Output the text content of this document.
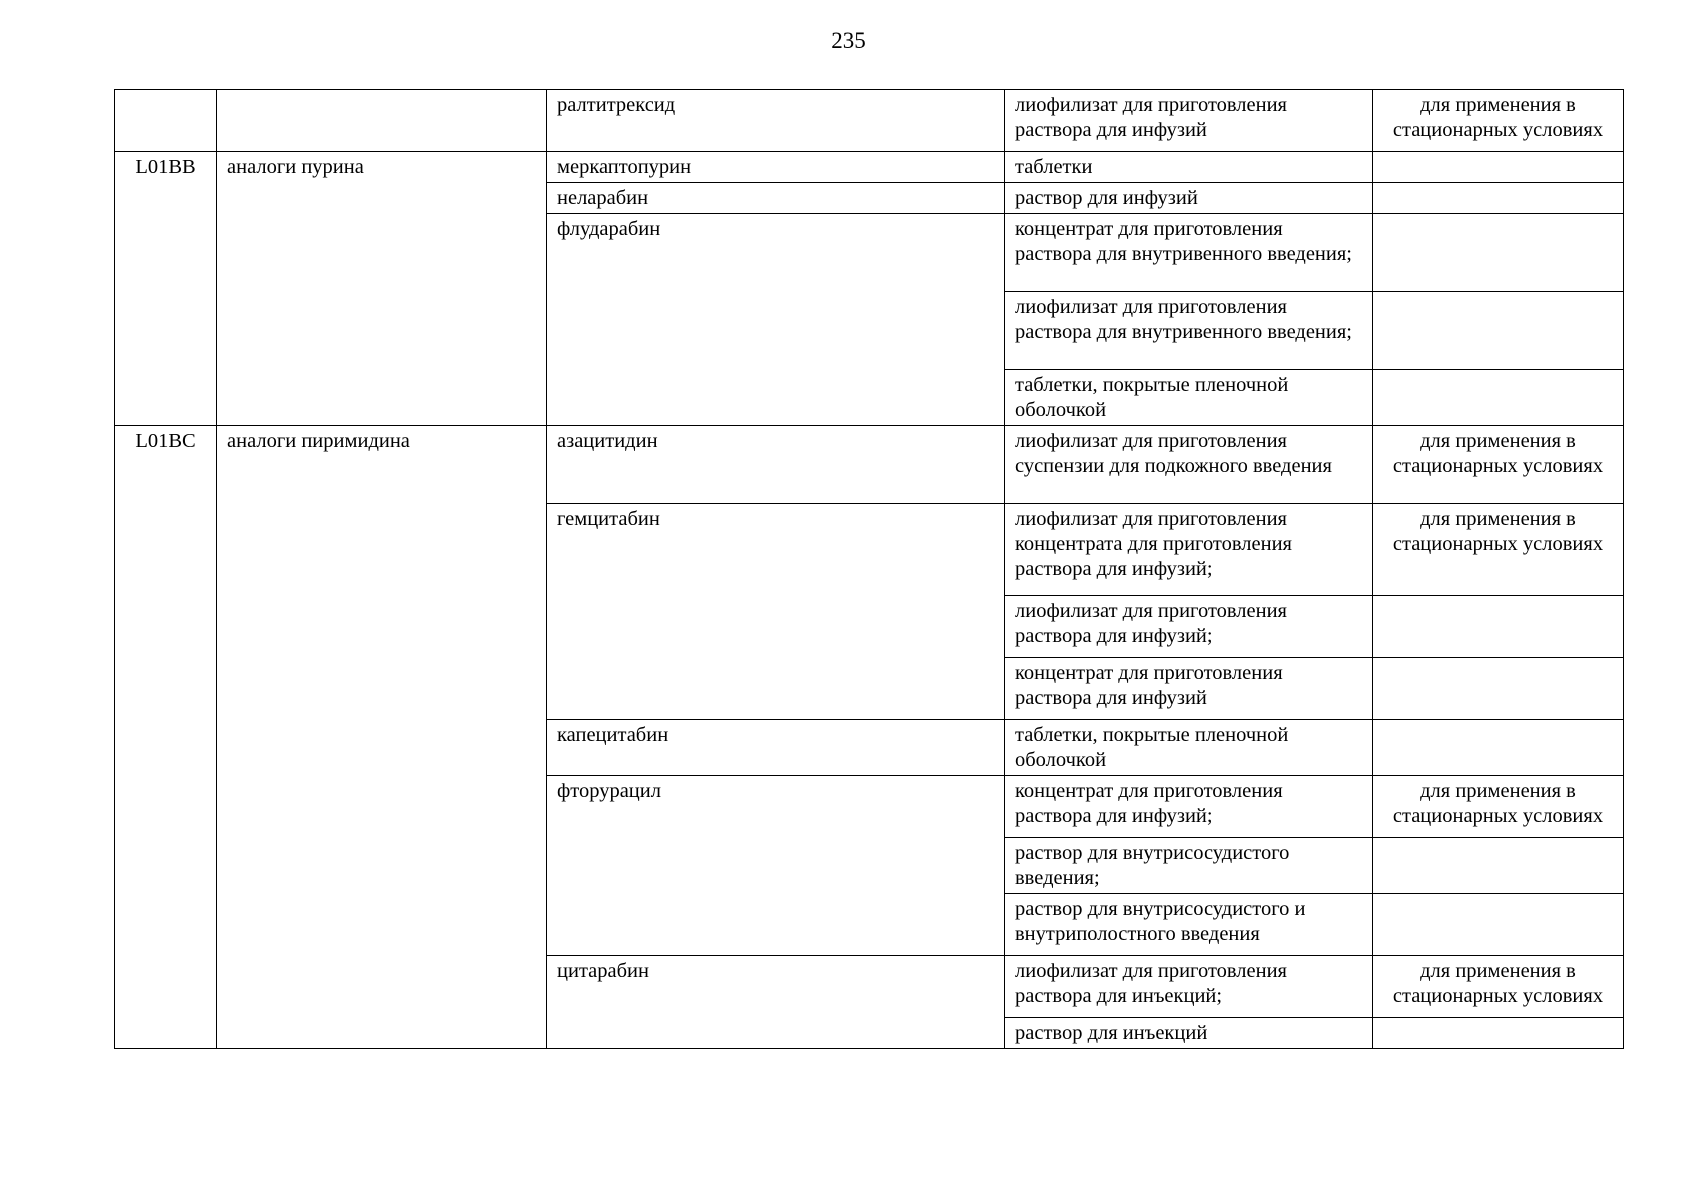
235
		ралтитрексид	лиофилизат для приготовления раствора для инфузий	для применения в стационарных условиях
L01BB	аналоги пурина	меркаптопурин	таблетки	
		неларабин	раствор для инфузий	
		флударабин	концентрат для приготовления раствора для внутривенного введения;	
			лиофилизат для приготовления раствора для внутривенного введения;	
			таблетки, покрытые пленочной оболочкой	
L01BC	аналоги пиримидина	азацитидин	лиофилизат для приготовления суспензии для подкожного введения	для применения в стационарных условиях
		гемцитабин	лиофилизат для приготовления концентрата для приготовления раствора для инфузий;	для применения в стационарных условиях
			лиофилизат для приготовления раствора для инфузий;	
			концентрат для приготовления раствора для инфузий	
		капецитабин	таблетки, покрытые пленочной оболочкой	
		фторурацил	концентрат для приготовления раствора для инфузий;	для применения в стационарных условиях
			раствор для внутрисосудистого введения;	
			раствор для внутрисосудистого и внутриполостного введения	
		цитарабин	лиофилизат для приготовления раствора для инъекций;	для применения в стационарных условиях
			раствор для инъекций	
